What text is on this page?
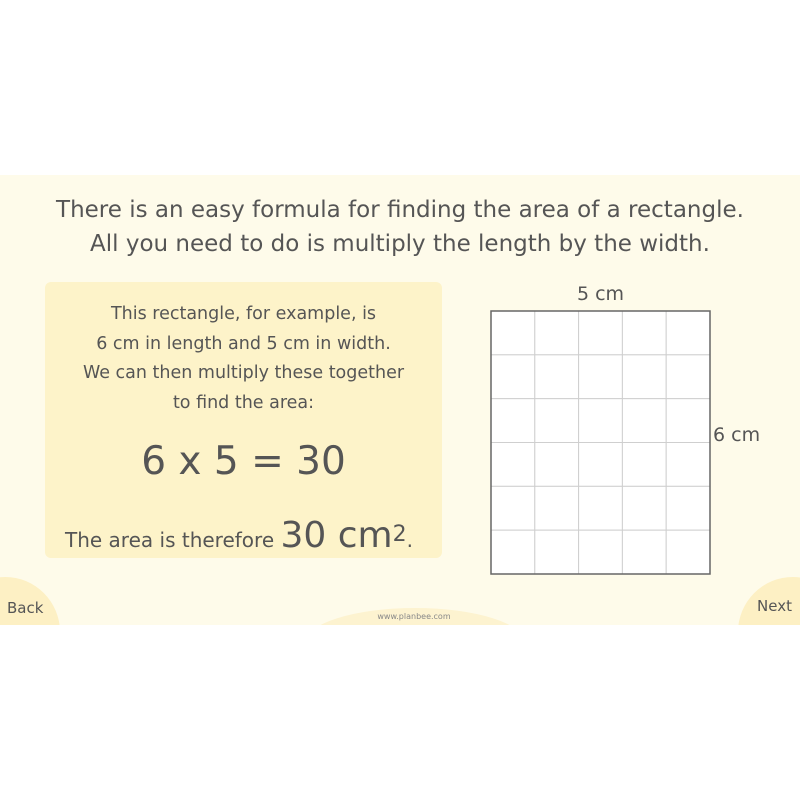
There is an easy formula for finding the area of a rectangle.
All you need to do is multiply the length by the width.
This rectangle, for example, is
6 cm in length and 5 cm in width.
We can then multiply these together
to find the area:
6 x 5 = 30
The area is therefore 30 $cm^2$.
5 cm
6 cm
Back	Next
www.planbee.com
